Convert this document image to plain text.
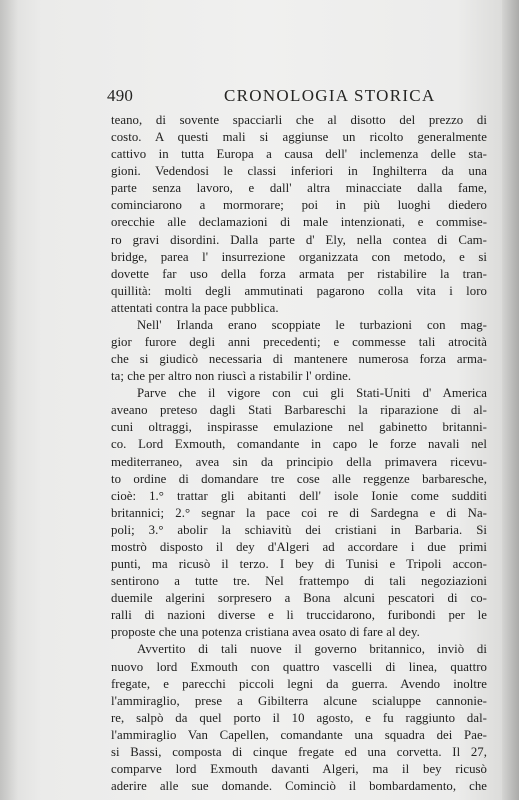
490	CRONOLOGIA STORICA
teano, di sovente spacciarli che al disotto del prezzo di
costo. A questi mali si aggiunse un ricolto generalmente
cattivo in tutta Europa a causa dell' inclemenza delle sta-
gioni. Vedendosi le classi inferiori in Inghilterra da una
parte senza lavoro, e dall' altra minacciate dalla fame,
cominciarono a mormorare; poi in più luoghi diedero
orecchie alle declamazioni di male intenzionati, e commise-
ro gravi disordini. Dalla parte d' Ely, nella contea di Cam-
bridge, parea l' insurrezione organizzata con metodo, e si
dovette far uso della forza armata per ristabilire la tran-
quillità: molti degli ammutinati pagarono colla vita i loro
attentati contra la pace pubblica.
Nell' Irlanda erano scoppiate le turbazioni con mag-
gior furore degli anni precedenti; e commesse tali atrocità
che si giudicò necessaria di mantenere numerosa forza arma-
ta; che per altro non riuscì a ristabilir l' ordine.
Parve che il vigore con cui gli Stati-Uniti d' America
aveano preteso dagli Stati Barbareschi la riparazione di al-
cuni oltraggi, inspirasse emulazione nel gabinetto britanni-
co. Lord Exmouth, comandante in capo le forze navali nel
mediterraneo, avea sin da principio della primavera ricevu-
to ordine di domandare tre cose alle reggenze barbaresche,
cioè: 1.° trattar gli abitanti dell' isole Ionie come sudditi
britannici; 2.° segnar la pace coi re di Sardegna e di Na-
poli; 3.° abolir la schiavitù dei cristiani in Barbaria. Si
mostrò disposto il dey d'Algeri ad accordare i due primi
punti, ma ricusò il terzo. I bey di Tunisi e Tripoli accon-
sentirono a tutte tre. Nel frattempo di tali negoziazioni
duemile algerini sorpresero a Bona alcuni pescatori di co-
ralli di nazioni diverse e li truccidarono, furibondi per le
proposte che una potenza cristiana avea osato di fare al dey.
Avvertito di tali nuove il governo britannico, inviò di
nuovo lord Exmouth con quattro vascelli di linea, quattro
fregate, e parecchi piccoli legni da guerra. Avendo inoltre
l'ammiraglio, prese a Gibilterra alcune scialuppe cannonie-
re, salpò da quel porto il 10 agosto, e fu raggiunto dal-
l'ammiraglio Van Capellen, comandante una squadra dei Pae-
si Bassi, composta di cinque fregate ed una corvetta. Il 27,
comparve lord Exmouth davanti Algeri, ma il bey ricusò
aderire alle sue domande. Cominciò il bombardamento, che
